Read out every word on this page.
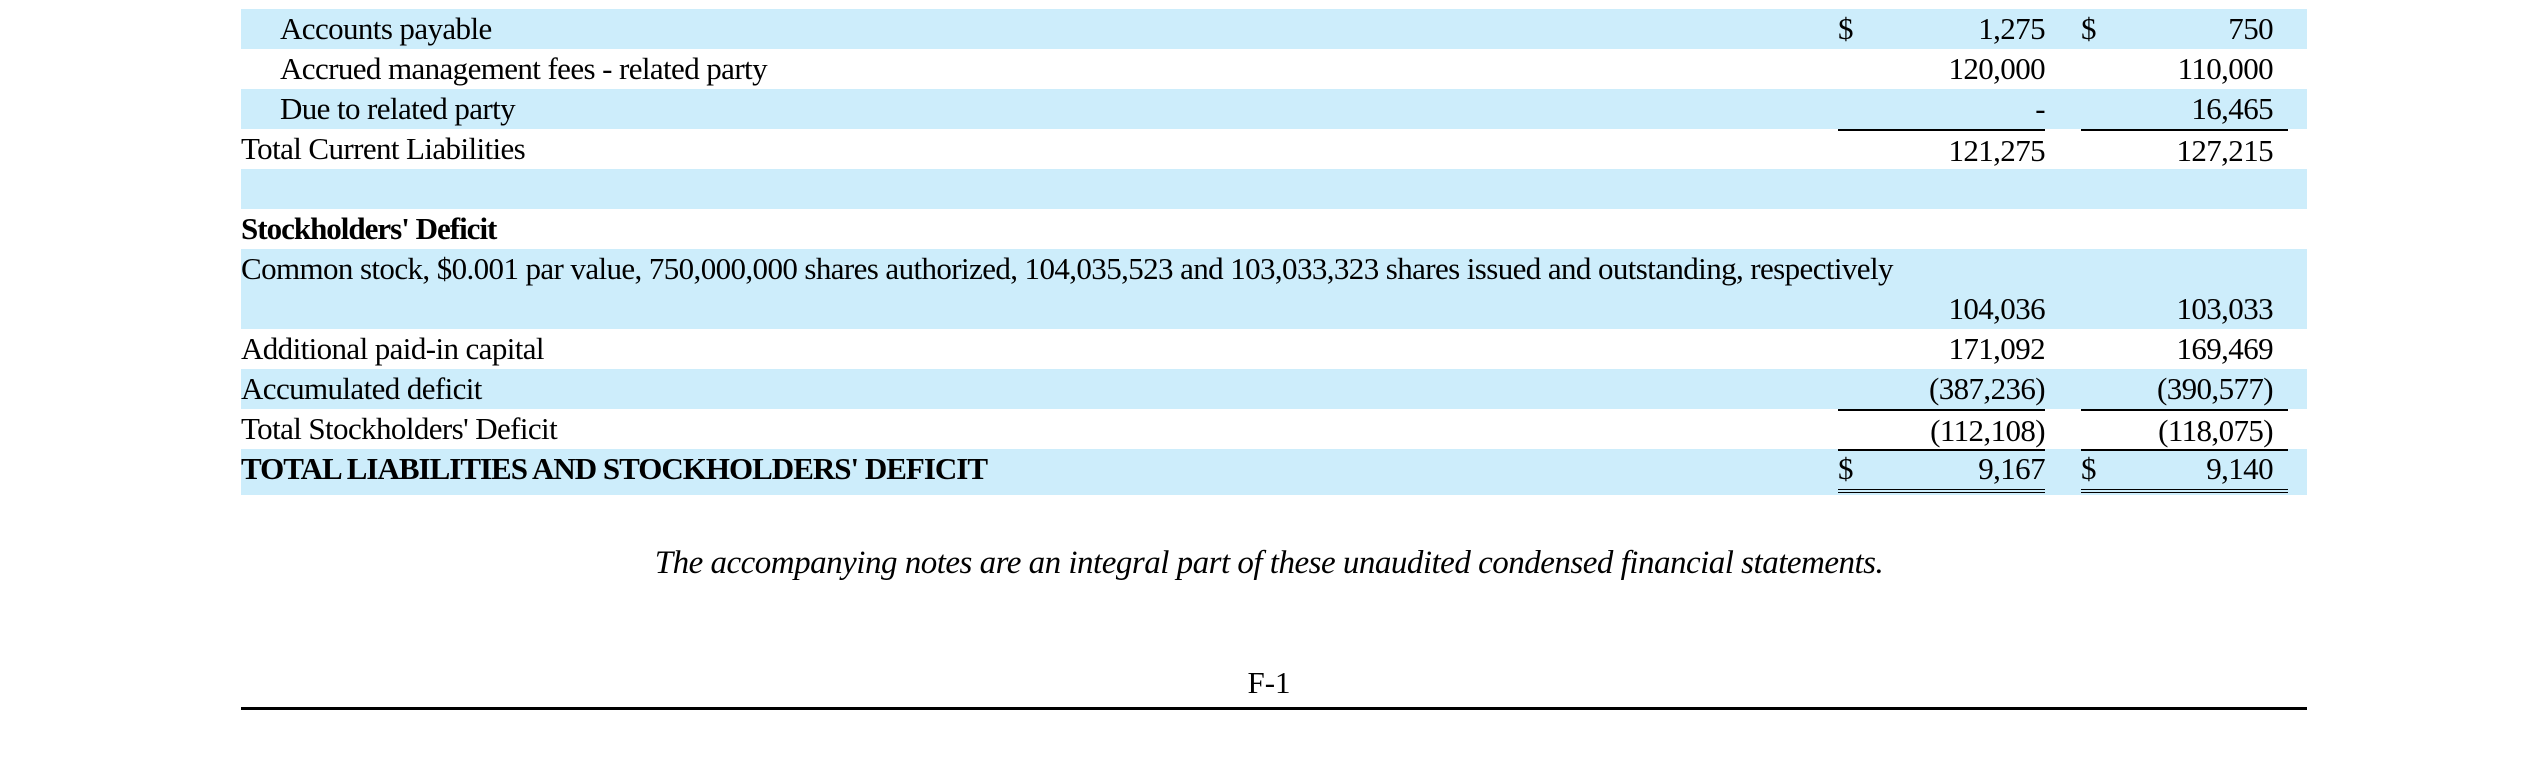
Accounts payable	$	1,275 $	750
Accrued management fees - related party	120,000	110,000
Due to related party	-	16,465
Total Current Liabilities	121,275	127,215
Stockholders' Deficit
Common stock, $0.001 par value, 750,000,000 shares authorized, 104,035,523 and 103,033,323 shares issued and outstanding, respectively
104,036	103,033
Additional paid-in capital	171,092	169,469
Accumulated deficit	(387,236)	(390,577)
Total Stockholders' Deficit	(112,108)	(118,075)
TOTAL LIABILITIES AND STOCKHOLDERS' DEFICIT	$	9,167 $	9,140
The accompanying notes are an integral part of these unaudited condensed financial statements.
F-1
